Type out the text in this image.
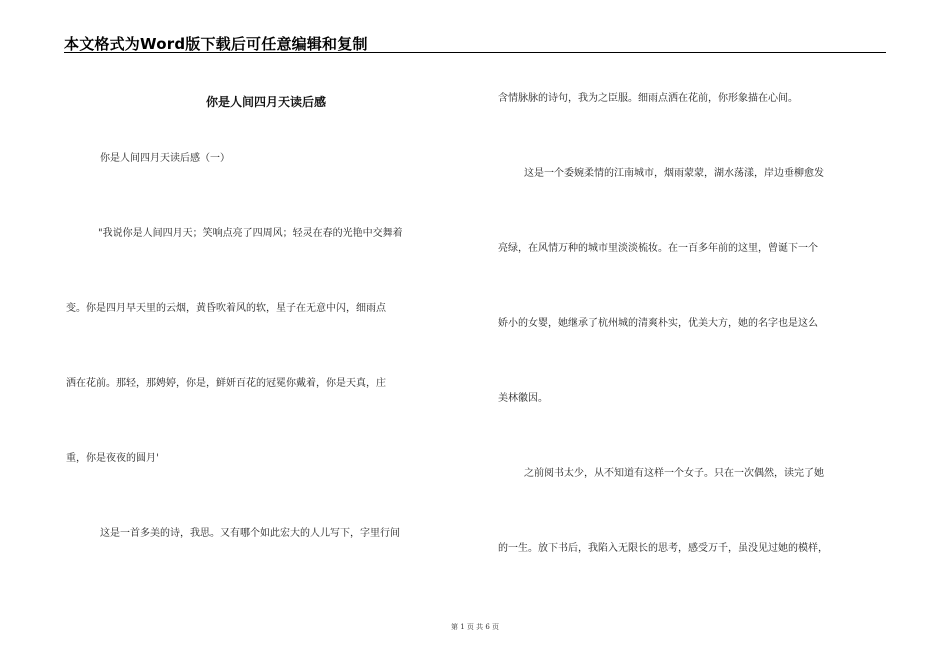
本文格式为Word版下载后可任意编辑和复制
你是人间四月天读后感
你是人间四月天读后感（一）
"我说你是人间四月天；笑响点亮了四周风；轻灵在春的光艳中交舞着
变。你是四月早天里的云烟，黄昏吹着风的软，星子在无意中闪，细雨点
洒在花前。那轻，那娉婷，你是，鲜妍百花的冠冕你戴着，你是天真，庄
重，你是夜夜的圆月'
这是一首多美的诗，我思。又有哪个如此宏大的人儿写下，字里行间
含情脉脉的诗句，我为之臣服。细雨点洒在花前，你形象描在心间。
这是一个委婉柔情的江南城市，烟雨蒙蒙，湖水荡漾，岸边垂柳愈发
亮绿，在风情万种的城市里淡淡梳妆。在一百多年前的这里，曾诞下一个
娇小的女婴，她继承了杭州城的清爽朴实，优美大方，她的名字也是这么
美林徽因。
之前阅书太少，从不知道有这样一个女子。只在一次偶然，读完了她
的一生。放下书后，我陷入无限长的思考，感受万千，虽没见过她的模样，
第 1 页 共 6 页
